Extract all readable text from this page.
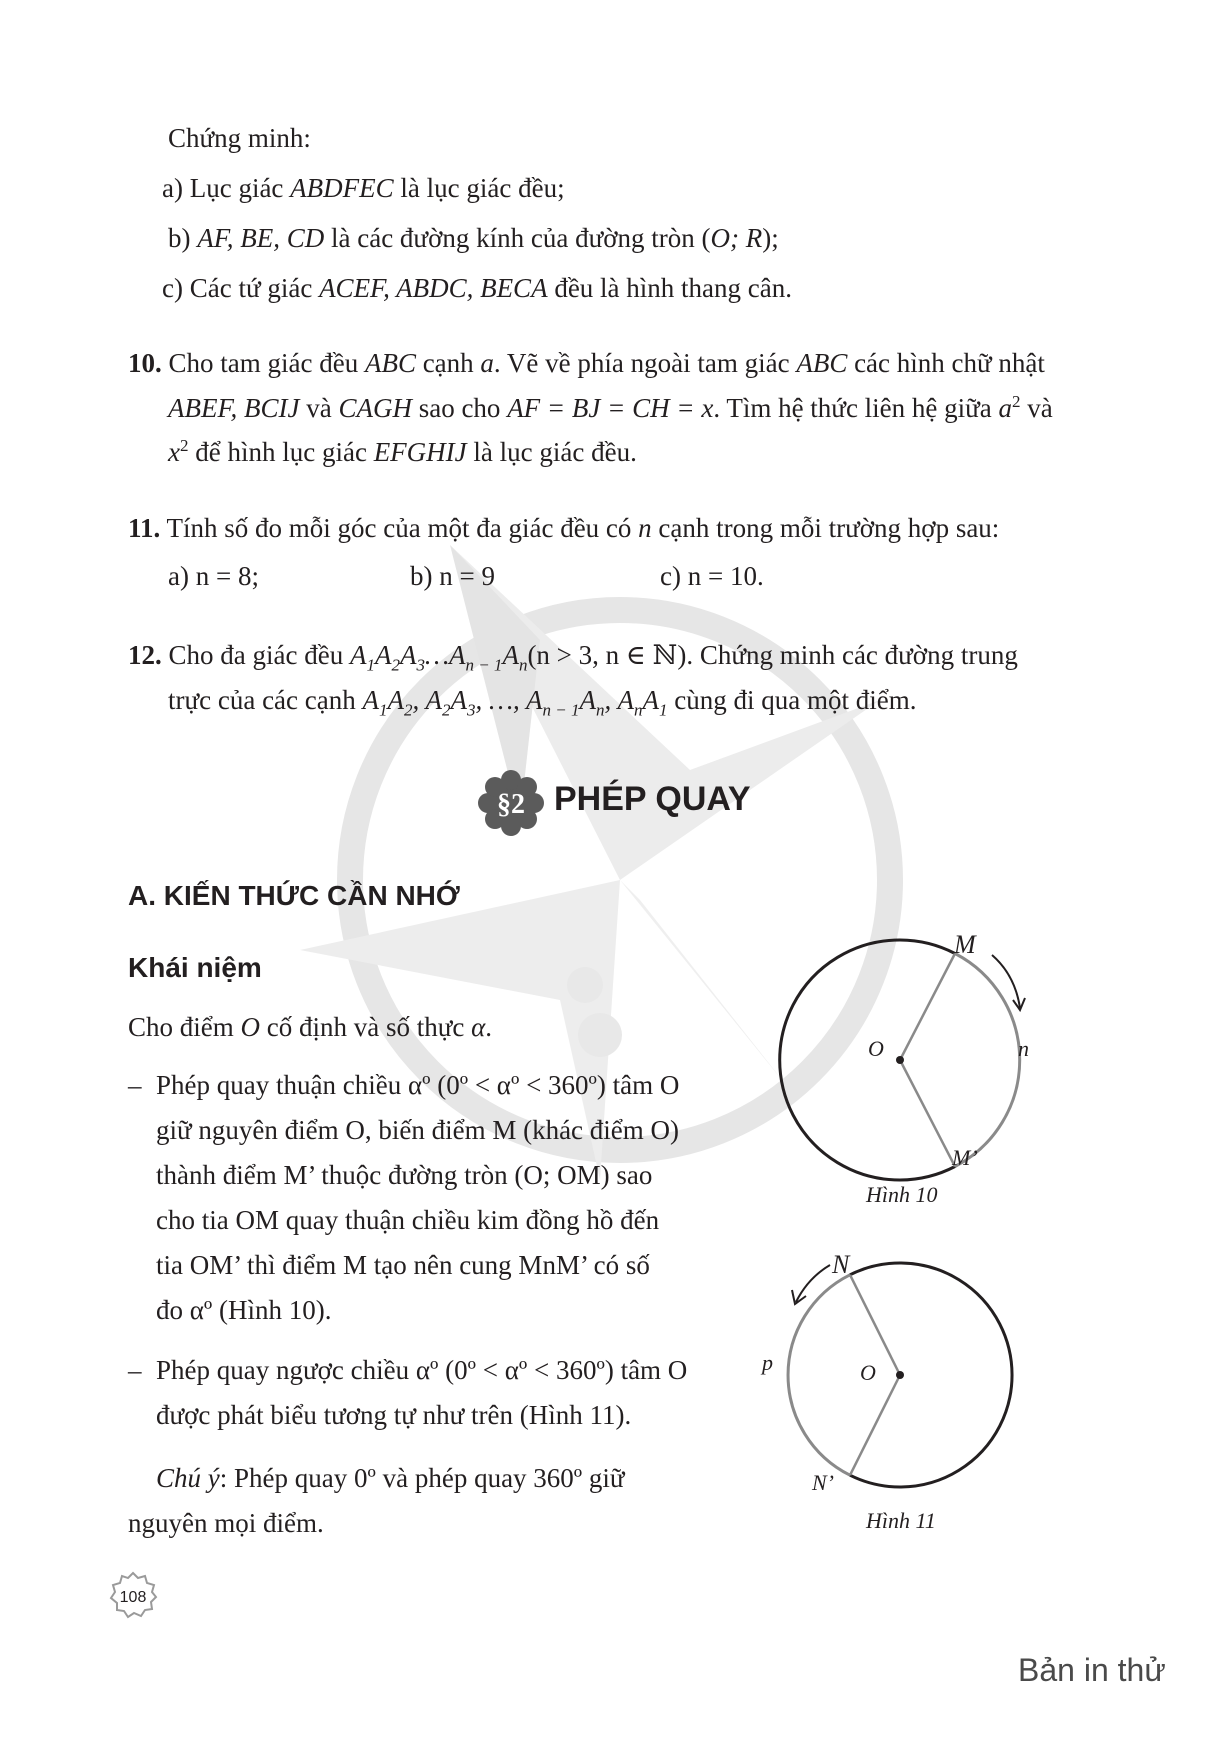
Chứng minh:
a) Lục giác ABDFEC là lục giác đều;
b) AF, BE, CD là các đường kính của đường tròn (O; R);
c) Các tứ giác ACEF, ABDC, BECA đều là hình thang cân.
10. Cho tam giác đều ABC cạnh a. Vẽ về phía ngoài tam giác ABC các hình chữ nhật
ABEF, BCIJ và CAGH sao cho AF = BJ = CH = x. Tìm hệ thức liên hệ giữa $a^2$ và
$x^2$ để hình lục giác EFGHIJ là lục giác đều.
11. Tính số đo mỗi góc của một đa giác đều có n cạnh trong mỗi trường hợp sau:
a) n = 8;	b) n = 9	c) n = 10.
12. Cho đa giác đều $A_1A_2A_3\dots A_{n - 1}A_n(n > 3$, n ∈ ℕ). Chứng minh các đường trung
trực của các cạnh $A_1A_2$, $A_2A_3$, …, $A_{n - 1}A_n$, $A_nA_1$ cùng đi qua một điểm.
§2 PHÉP QUAY
A. KIẾN THỨC CẦN NHỚ
Khái niệm
Cho điểm O cố định và số thực α.
– Phép quay thuận chiều αº (0º < αº < 360º) tâm O
giữ nguyên điểm O, biến điểm M (khác điểm O)
thành điểm M’ thuộc đường tròn (O; OM) sao
cho tia OM quay thuận chiều kim đồng hồ đến
tia OM’ thì điểm M tạo nên cung MnM’ có số
đo αº (Hình 10).
– Phép quay ngược chiều αº (0º < αº < 360º) tâm O
được phát biểu tương tự như trên (Hình 11).
Chú ý: Phép quay 0º và phép quay 360º giữ
nguyên mọi điểm.
M
O	n
M’
Hình 10
N
p	O
N’
Hình 11
108
Bản in thử
